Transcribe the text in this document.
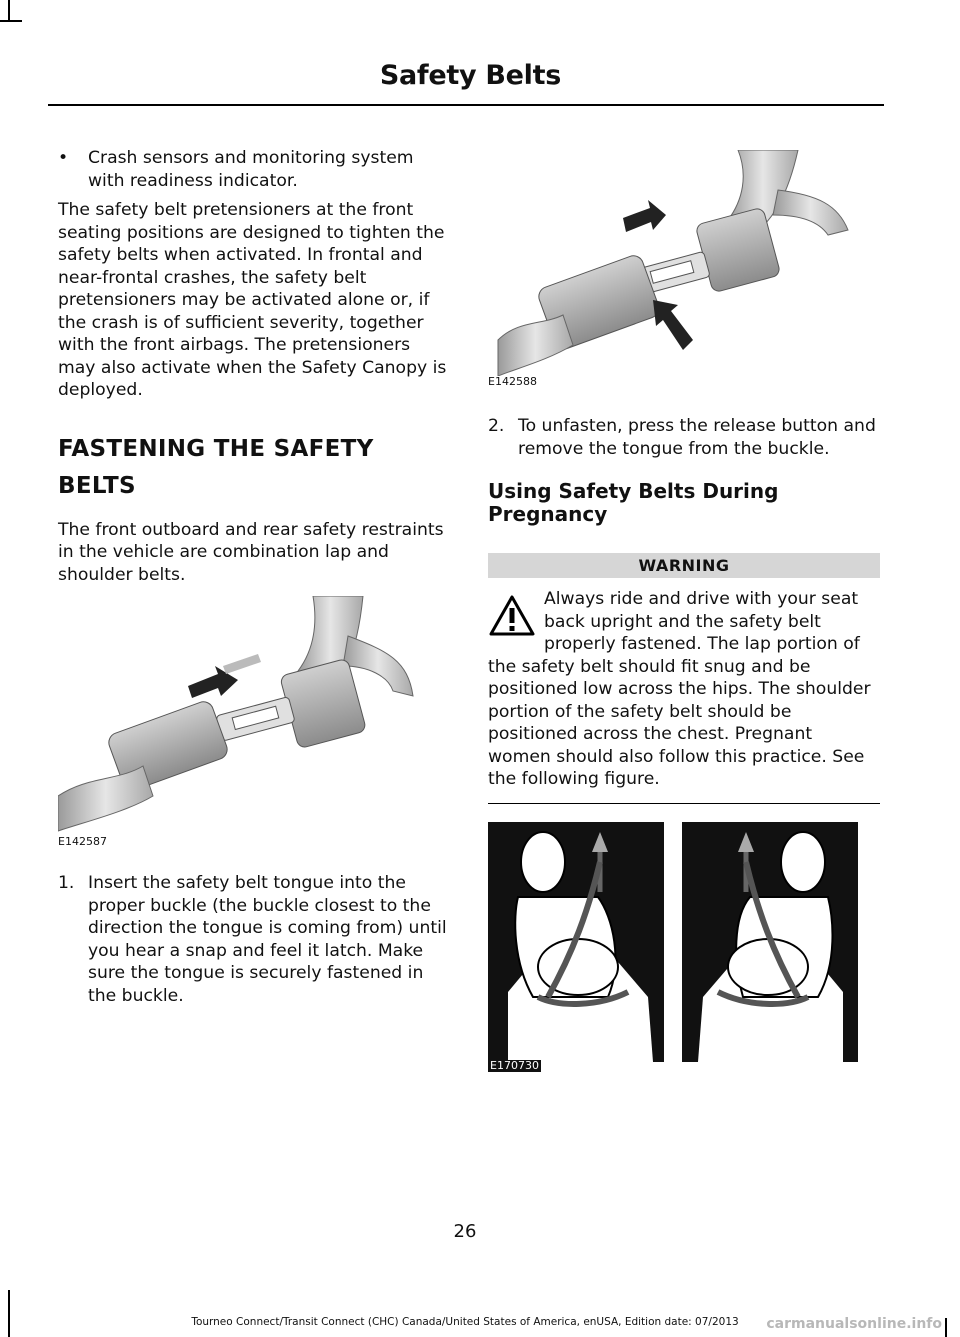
Safety Belts
•	Crash sensors and monitoring system with readiness indicator.

The safety belt pretensioners at the front seating positions are designed to tighten the safety belts when activated. In frontal and near-frontal crashes, the safety belt pretensioners may be activated alone or, if the crash is of sufficient severity, together with the front airbags. The pretensioners may also activate when the Safety Canopy is deployed.

FASTENING THE SAFETY
BELTS

The front outboard and rear safety restraints in the vehicle are combination lap and shoulder belts.

E142587
1. Insert the safety belt tongue into the proper buckle (the buckle closest to the direction the tongue is coming from) until you hear a snap and feel it latch. Make sure the tongue is securely fastened in the buckle.
E142588
2. To unfasten, press the release button and remove the tongue from the buckle.
Using Safety Belts During
Pregnancy
WARNING

Always ride and drive with your seat back upright and the safety belt properly fastened. The lap portion of the safety belt should fit snug and be positioned low across the hips. The shoulder portion of the safety belt should be positioned across the chest. Pregnant women should also follow this practice. See the following figure.

E170730
26
Tourneo Connect/Transit Connect (CHC) Canada/United States of America, enUSA, Edition date: 07/2013	carmanualsonline.info
